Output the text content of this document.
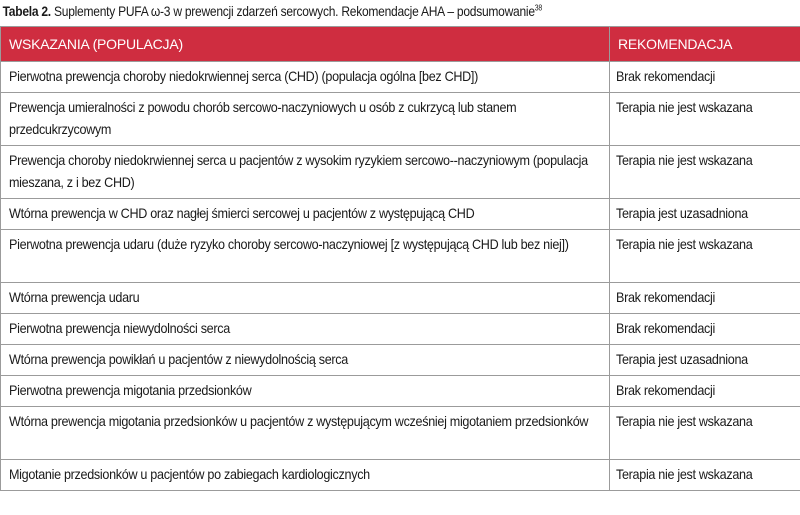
Tabela 2. Suplementy PUFA ω-3 w prewencji zdarzeń sercowych. Rekomendacje AHA – podsumowanie$^{38}$
WSKAZANIA (POPULACJA)	REKOMENDACJA
Pierwotna prewencja choroby niedokrwiennej serca (CHD) (populacja ogólna [bez CHD])	Brak rekomendacji
Prewencja umieralności z powodu chorób sercowo-naczyniowych u osób z cukrzycą lub stanem przedcukrzycowym	Terapia nie jest wskazana
Prewencja choroby niedokrwiennej serca u pacjentów z wysokim ryzykiem sercowo--naczyniowym (populacja mieszana, z i bez CHD)	Terapia nie jest wskazana
Wtórna prewencja w CHD oraz nagłej śmierci sercowej u pacjentów z występującą CHD	Terapia jest uzasadniona
Pierwotna prewencja udaru (duże ryzyko choroby sercowo-naczyniowej [z występującą CHD lub bez niej])	Terapia nie jest wskazana
Wtórna prewencja udaru	Brak rekomendacji
Pierwotna prewencja niewydolności serca	Brak rekomendacji
Wtórna prewencja powikłań u pacjentów z niewydolnością serca	Terapia jest uzasadniona
Pierwotna prewencja migotania przedsionków	Brak rekomendacji
Wtórna prewencja migotania przedsionków u pacjentów z występującym wcześniej migotaniem przedsionków	Terapia nie jest wskazana
Migotanie przedsionków u pacjentów po zabiegach kardiologicznych	Terapia nie jest wskazana
